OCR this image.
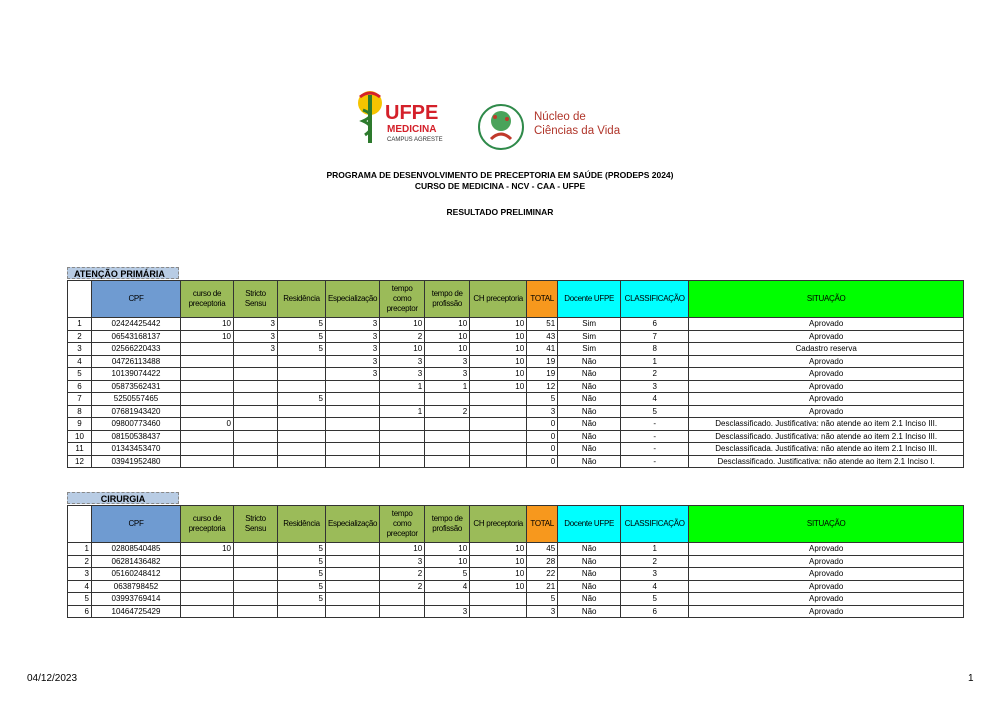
UFPE
MEDICINA
CAMPUS AGRESTE
Núcleo de
Ciências da Vida
PROGRAMA DE DESENVOLVIMENTO DE PRECEPTORIA EM SAÚDE (PRODEPS 2024)
CURSO DE MEDICINA - NCV - CAA - UFPE
RESULTADO PRELIMINAR
ATENÇÃO PRIMÁRIA
	CPF	curso de preceptoria	Stricto Sensu	Residência	Especialização	tempo como preceptor	tempo de profissão	CH preceptoria	TOTAL	Docente UFPE	CLASSIFICAÇÃO	SITUAÇÃO
1	02424425442	10	3	5	3	10	10	10	51	Sim	6	Aprovado
2	06543168137	10	3	5	3	2	10	10	43	Sim	7	Aprovado
3	02566220433		3	5	3	10	10	10	41	Sim	8	Cadastro reserva
4	04726113488				3	3	3	10	19	Não	1	Aprovado
5	10139074422				3	3	3	10	19	Não	2	Aprovado
6	05873562431					1	1	10	12	Não	3	Aprovado
7	5250557465			5					5	Não	4	Aprovado
8	07681943420					1	2		3	Não	5	Aprovado
9	09800773460	0							0	Não	-	Desclassificado. Justificativa: não atende ao item 2.1 Inciso III.
10	08150538437								0	Não	-	Desclassificado. Justificativa: não atende ao item 2.1 Inciso III.
11	01343453470								0	Não	-	Desclassificada. Justificativa: não atende ao item 2.1 Inciso III.
12	03941952480								0	Não	-	Desclassificado. Justificativa: não atende ao item 2.1 Inciso I.
CIRURGIA
	CPF	curso de preceptoria	Stricto Sensu	Residência	Especialização	tempo como preceptor	tempo de profissão	CH preceptoria	TOTAL	Docente UFPE	CLASSIFICAÇÃO	SITUAÇÃO
1	02808540485	10		5		10	10	10	45	Não	1	Aprovado
2	06281436482			5		3	10	10	28	Não	2	Aprovado
3	05160248412			5		2	5	10	22	Não	3	Aprovado
4	0638798452			5		2	4	10	21	Não	4	Aprovado
5	03993769414			5					5	Não	5	Aprovado
6	10464725429						3		3	Não	6	Aprovado
04/12/2023	1
